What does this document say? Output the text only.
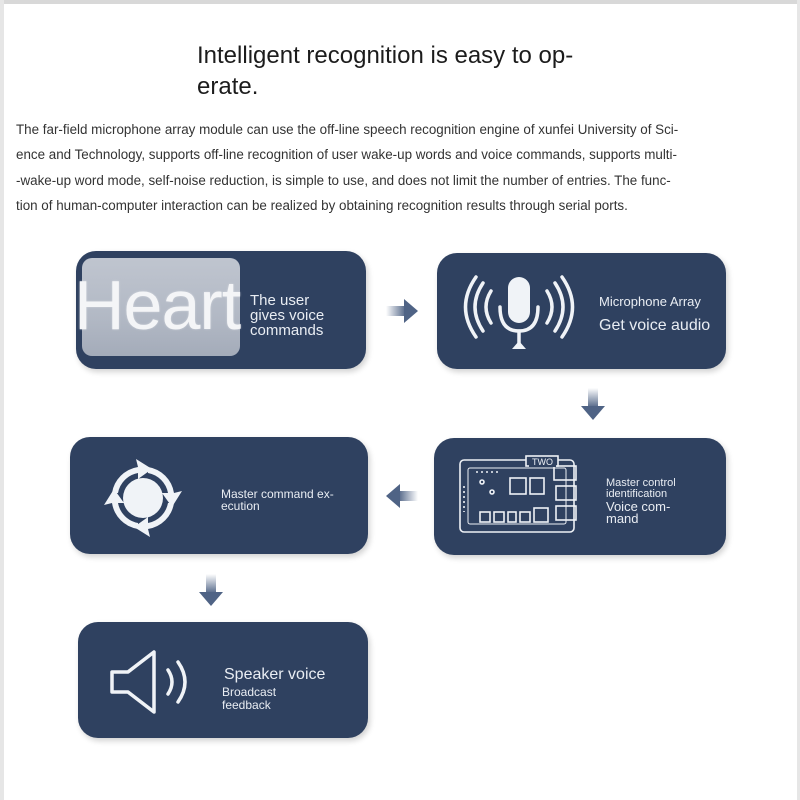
Intelligent recognition is easy to op-
erate.
The far-field microphone array module can use the off-line speech recognition engine of xunfei University of Sci-
ence and Technology, supports off-line recognition of user wake-up words and voice commands, supports multi-
-wake-up word mode, self-noise reduction, is simple to use, and does not limit the number of entries. The func-
tion of human-computer interaction can be realized by obtaining recognition results through serial ports.
The user
gives voice
commands
Heart	Microphone Array
Get voice audio
TWO
Master control
identification
Voice com-
mand
Master command ex-
ecution
Speaker voice
Broadcast
feedback
